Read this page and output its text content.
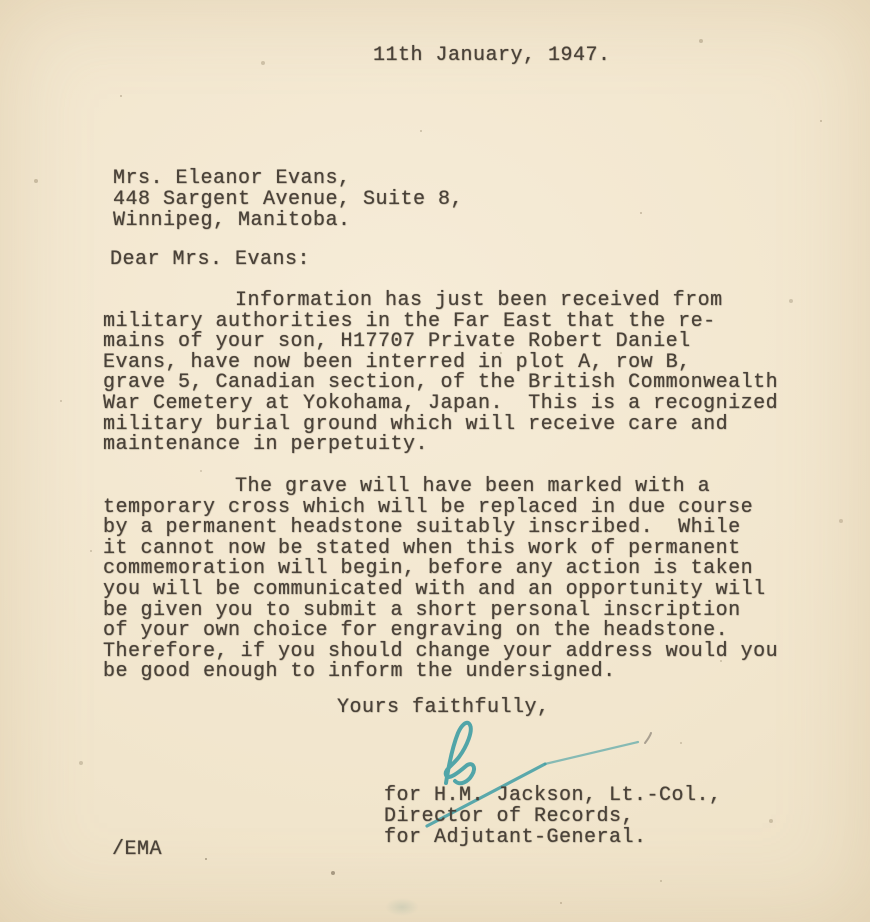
11th January, 1947.
Mrs. Eleanor Evans,
448 Sargent Avenue, Suite 8,
Winnipeg, Manitoba.
Dear Mrs. Evans:
Information has just been received from
military authorities in the Far East that the re-
mains of your son, H17707 Private Robert Daniel
Evans, have now been interred in plot A, row B,
grave 5, Canadian section, of the British Commonwealth
War Cemetery at Yokohama, Japan.  This is a recognized
military burial ground which will receive care and
maintenance in perpetuity.
The grave will have been marked with a
temporary cross which will be replaced in due course
by a permanent headstone suitably inscribed.  While
it cannot now be stated when this work of permanent
commemoration will begin, before any action is taken
you will be communicated with and an opportunity will
be given you to submit a short personal inscription
of your own choice for engraving on the headstone.
Therefore, if you should change your address would you
be good enough to inform the undersigned.
Yours faithfully,
for H.M. Jackson, Lt.-Col.,
Director of Records,
for Adjutant-General.
/EMA
